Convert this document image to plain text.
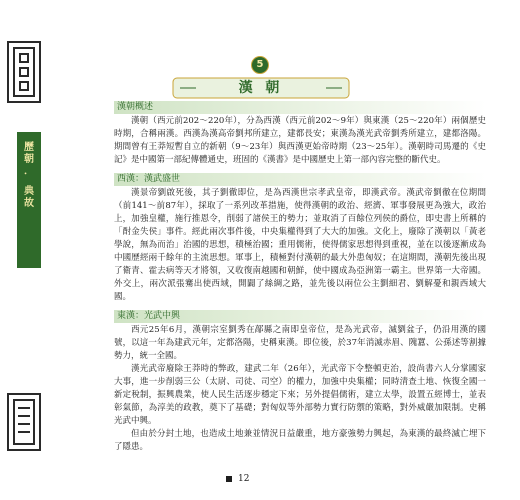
歷
朝
．
典
故
5
漢 朝
漢朝概述

漢朝（西元前202～220年），分為西漢（西元前202～9年）與東漢（25～220年）兩個歷史時期，合稱兩漢。西漢為漢高帝劉邦所建立，建都長安；東漢為漢光武帝劉秀所建立，建都洛陽。期間曾有王莽短暫自立的新朝（9～23年）與西漢更始帝時期（23～25年）。漢朝時司馬遷的《史記》是中國第一部紀傳體通史，班固的《漢書》是中國歷史上第一部內容完整的斷代史。

西漢：漢武盛世

漢景帝劉啟死後，其子劉徹即位，是為西漢世宗孝武皇帝，即漢武帝。漢武帝劉徹在位期間（前141～前87年），採取了一系列改革措施，使得漢朝的政治、經濟、軍事發展更為強大，政治上，加強皇權，施行推恩令，削弱了諸侯王的勢力；並取消了百餘位列侯的爵位，即史書上所稱的「酎金失侯」事件。經此兩次事件後，中央集權得到了大大的加強。文化上，廢除了漢朝以「黃老學說，無為而治」治國的思想，積極治國；重用儒術，使得儒家思想得到重視，並在以後逐漸成為中國歷經兩千餘年的主流思想。軍事上，積極對付漢朝的最大外患匈奴；在這期間，漢朝先後出現了衛青、霍去病等天才將領，又收復南越國和朝鮮，使中國成為亞洲第一霸主。世界第一大帝國。外交上，兩次派張騫出使西域，開闢了絲綢之路，並先後以兩位公主劉細君、劉解憂和親西域大國。

東漢：光武中興

西元25年6月，漢朝宗室劉秀在鄗縣之南即皇帝位，是為光武帝，滅劉盆子，仍沿用漢的國號，以這一年為建武元年，定都洛陽，史稱東漢。即位後，於37年消滅赤眉、隗囂、公孫述等割據勢力，統一全國。

漢光武帝廢除王莽時的弊政，建武二年（26年），光武帝下令整頓吏治，設尚書六人分掌國家大事，進一步削弱三公（太尉、司徒、司空）的權力，加強中央集權；同時清查土地、恢復全國一新定稅制，振興農業，使人民生活逐步穩定下來；另外提倡儒術，建立太學，設置五經博士，並表彰氣節，為淳美的政教，奠下了基礎；對匈奴等外部勢力實行防禦的策略，對外威嚴加限制。史稱光武中興。

但由於分封土地，也造成土地兼並情況日益嚴重，地方豪強勢力興起，為東漢的最終滅亡埋下了隱患。

12
